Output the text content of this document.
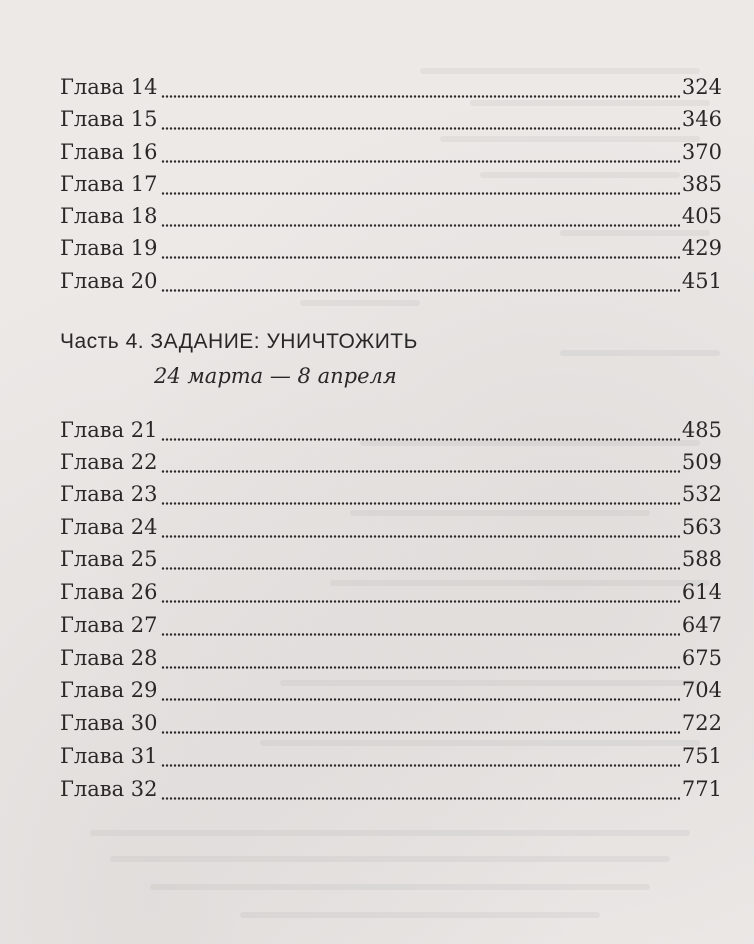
Глава 14	324
Глава 15	346
Глава 16	370
Глава 17	385
Глава 18	405
Глава 19	429
Глава 20	451
Часть 4. ЗАДАНИЕ: УНИЧТОЖИТЬ
24 марта — 8 апреля
Глава 21	485
Глава 22	509
Глава 23	532
Глава 24	563
Глава 25	588
Глава 26	614
Глава 27	647
Глава 28	675
Глава 29	704
Глава 30	722
Глава 31	751
Глава 32	771
